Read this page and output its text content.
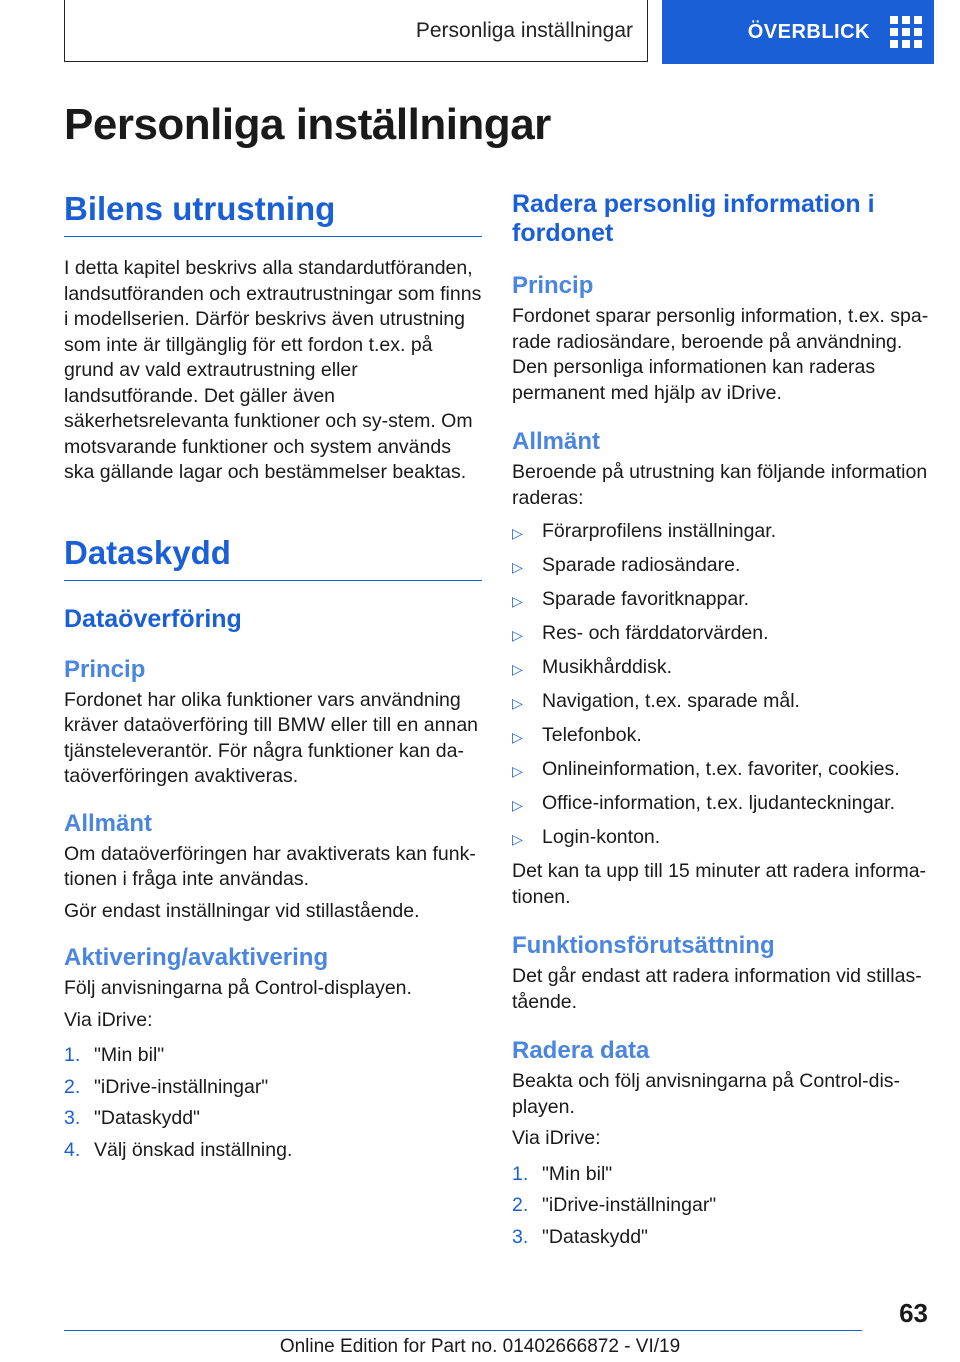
Personliga inställningar	ÖVERBLICK
Personliga inställningar
Bilens utrustning

I detta kapitel beskrivs alla standardutföranden, landsutföranden och extrautrustningar som finns i modellserien. Därför beskrivs även utrustning som inte är tillgänglig för ett fordon t.ex. på grund av vald extrautrustning eller landsutförande. Det gäller även säkerhetsrelevanta funktioner och sy-stem. Om motsvarande funktioner och system används ska gällande lagar och bestämmelser beaktas.

Dataskydd
Dataöverföring
Princip

Fordonet har olika funktioner vars användning kräver dataöverföring till BMW eller till en annan tjänsteleverantör. För några funktioner kan da-taöverföringen avaktiveras.

Allmänt

Om dataöverföringen har avaktiverats kan funk-tionen i fråga inte användas.

Gör endast inställningar vid stillastående.

Aktivering/avaktivering

Följ anvisningarna på Control-displayen.

Via iDrive:

1. "Min bil"
2. "iDrive-inställningar"
3. "Dataskydd"
4. Välj önskad inställning.
Radera personlig information i fordonet
Princip

Fordonet sparar personlig information, t.ex. spa-rade radiosändare, beroende på användning. Den personliga informationen kan raderas permanent med hjälp av iDrive.

Allmänt

Beroende på utrustning kan följande information raderas:

▷ Förarprofilens inställningar.
▷ Sparade radiosändare.
▷ Sparade favoritknappar.
▷ Res- och färddatorvärden.
▷ Musikhårddisk.
▷ Navigation, t.ex. sparade mål.
▷ Telefonbok.
▷ Onlineinformation, t.ex. favoriter, cookies.
▷ Office-information, t.ex. ljudanteckningar.
▷ Login-konton.

Det kan ta upp till 15 minuter att radera informa-tionen.

Funktionsförutsättning

Det går endast att radera information vid stillas-tående.

Radera data

Beakta och följ anvisningarna på Control-dis-playen.

Via iDrive:

1. "Min bil"
2. "iDrive-inställningar"
3. "Dataskydd"
63
Online Edition for Part no. 01402666872 - VI/19
